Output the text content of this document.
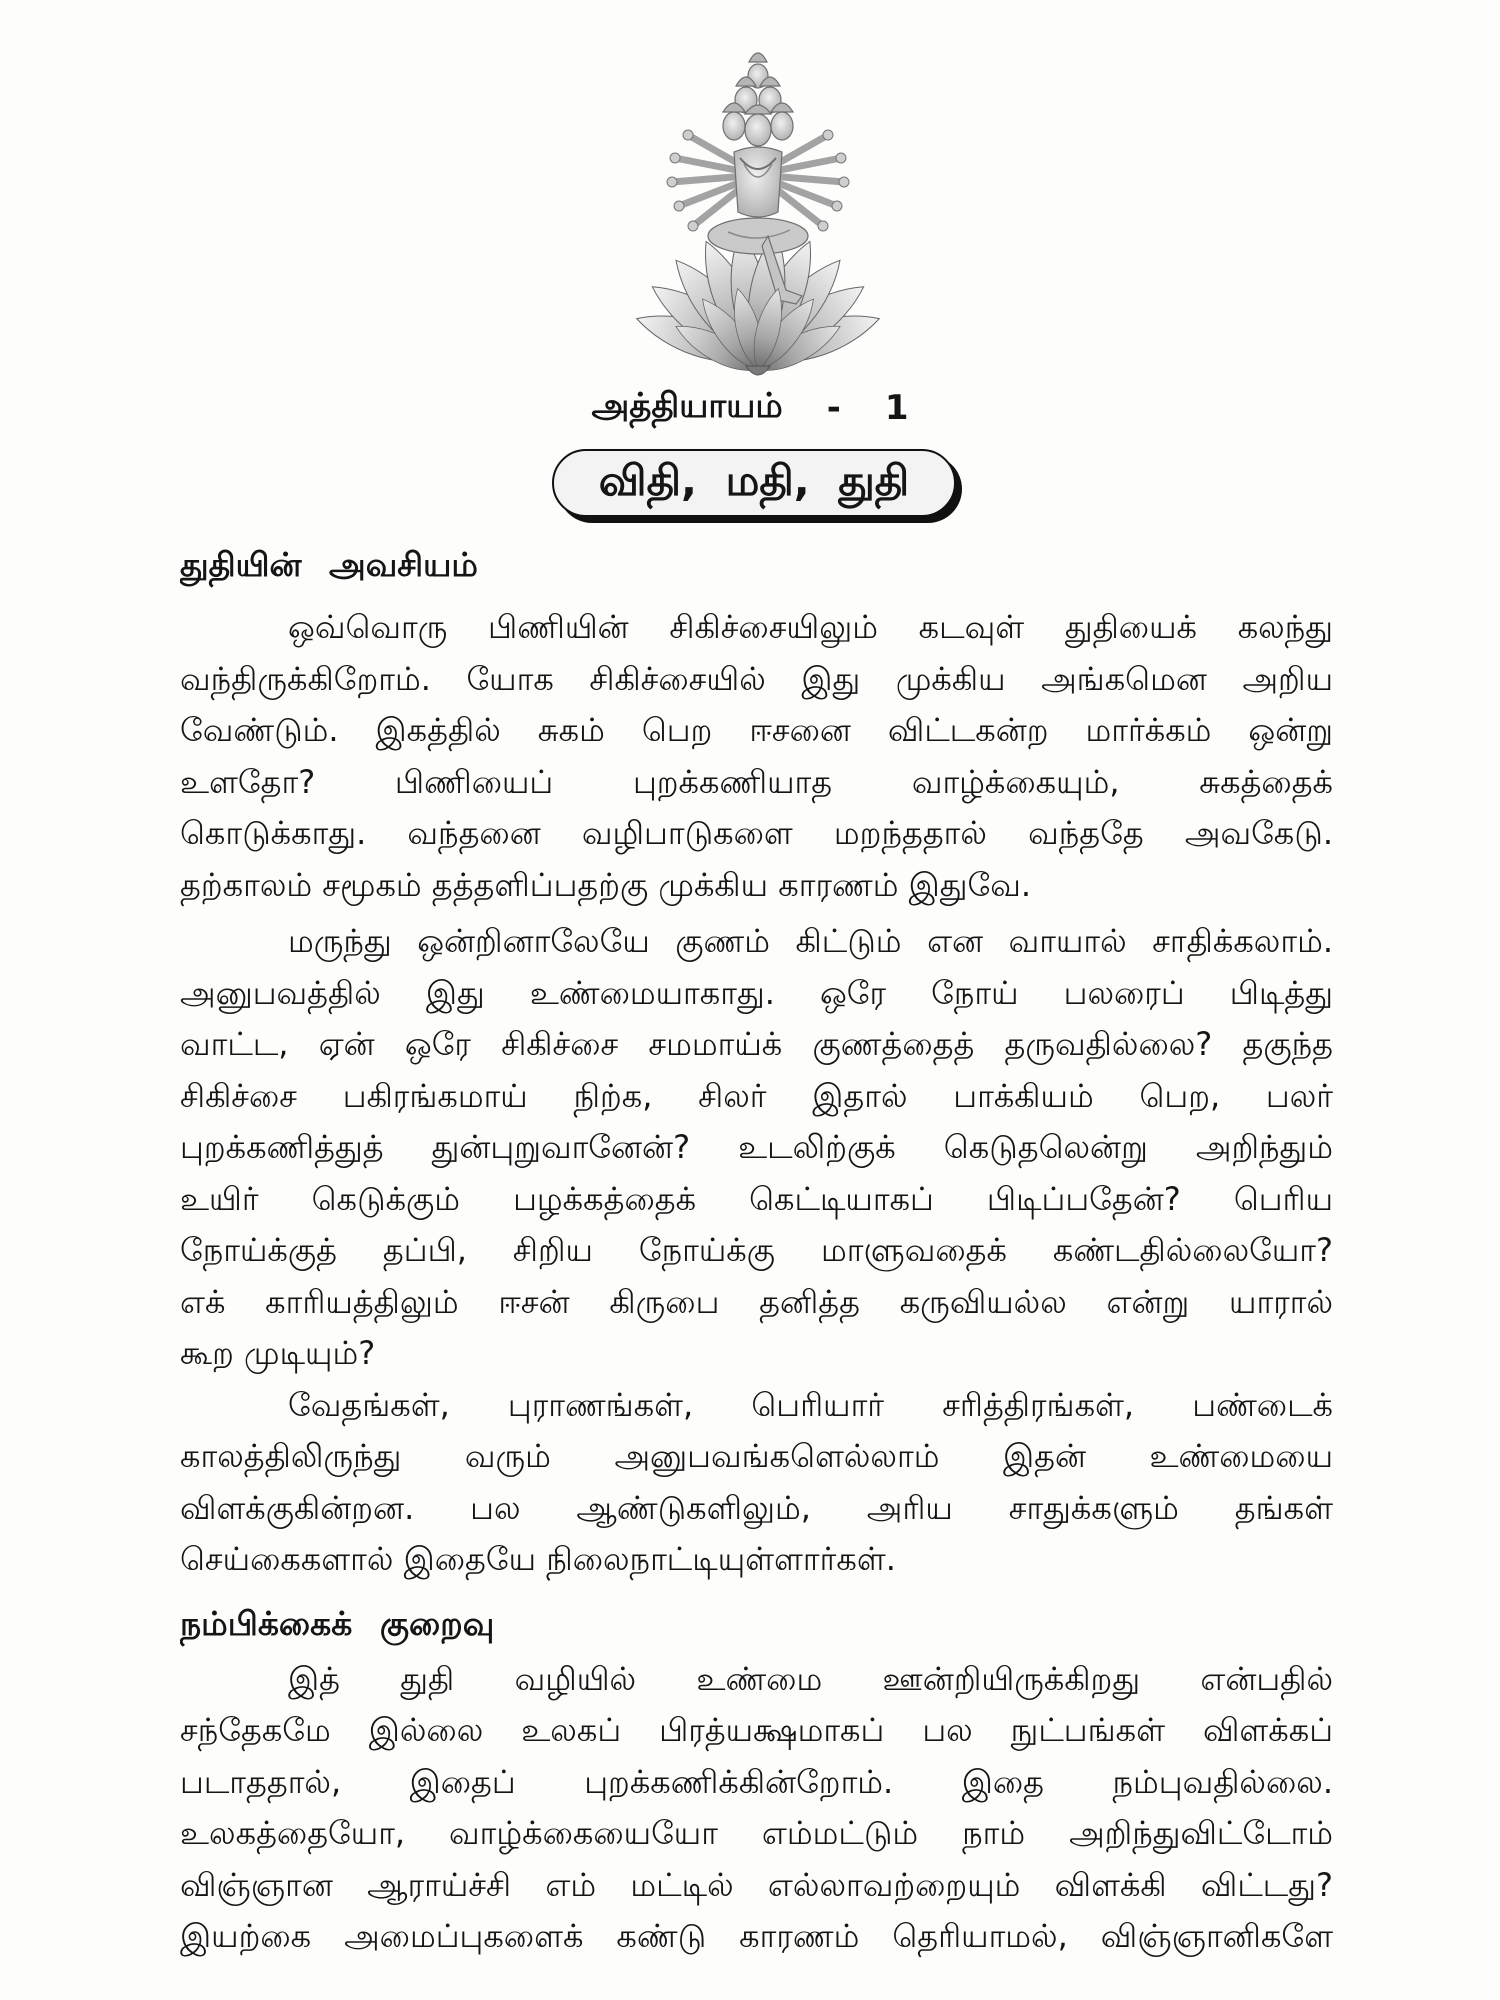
அத்தியாயம் - 1
விதி, மதி, துதி
துதியின் அவசியம்
ஒவ்வொரு பிணியின் சிகிச்சையிலும் கடவுள் துதியைக் கலந்து
வந்திருக்கிறோம். யோக சிகிச்சையில் இது முக்கிய அங்கமென அறிய
வேண்டும். இகத்தில் சுகம் பெற ஈசனை விட்டகன்ற மார்க்கம் ஒன்று
உளதோ? பிணியைப் புறக்கணியாத வாழ்க்கையும், சுகத்தைக்
கொடுக்காது. வந்தனை வழிபாடுகளை மறந்ததால் வந்ததே அவகேடு.
தற்காலம் சமூகம் தத்தளிப்பதற்கு முக்கிய காரணம் இதுவே.
மருந்து ஒன்றினாலேயே குணம் கிட்டும் என வாயால் சாதிக்கலாம்.
அனுபவத்தில் இது உண்மையாகாது. ஒரே நோய் பலரைப் பிடித்து
வாட்ட, ஏன் ஒரே சிகிச்சை சமமாய்க் குணத்தைத் தருவதில்லை? தகுந்த
சிகிச்சை பகிரங்கமாய் நிற்க, சிலர் இதால் பாக்கியம் பெற, பலர்
புறக்கணித்துத் துன்புறுவானேன்? உடலிற்குக் கெடுதலென்று அறிந்தும்
உயிர் கெடுக்கும் பழக்கத்தைக் கெட்டியாகப் பிடிப்பதேன்? பெரிய
நோய்க்குத் தப்பி, சிறிய நோய்க்கு மாளுவதைக் கண்டதில்லையோ?
எக் காரியத்திலும் ஈசன் கிருபை தனித்த கருவியல்ல என்று யாரால்
கூற முடியும்?
வேதங்கள், புராணங்கள், பெரியார் சரித்திரங்கள், பண்டைக்
காலத்திலிருந்து வரும் அனுபவங்களெல்லாம் இதன் உண்மையை
விளக்குகின்றன. பல ஆண்டுகளிலும், அரிய சாதுக்களும் தங்கள்
செய்கைகளால் இதையே நிலைநாட்டியுள்ளார்கள்.
நம்பிக்கைக் குறைவு
இத் துதி வழியில் உண்மை ஊன்றியிருக்கிறது என்பதில்
சந்தேகமே இல்லை உலகப் பிரத்யக்ஷமாகப் பல நுட்பங்கள் விளக்கப்
படாததால், இதைப் புறக்கணிக்கின்றோம். இதை நம்புவதில்லை.
உலகத்தையோ, வாழ்க்கையையோ எம்மட்டும் நாம் அறிந்துவிட்டோம்
விஞ்ஞான ஆராய்ச்சி எம் மட்டில் எல்லாவற்றையும் விளக்கி விட்டது?
இயற்கை அமைப்புகளைக் கண்டு காரணம் தெரியாமல், விஞ்ஞானிகளே
